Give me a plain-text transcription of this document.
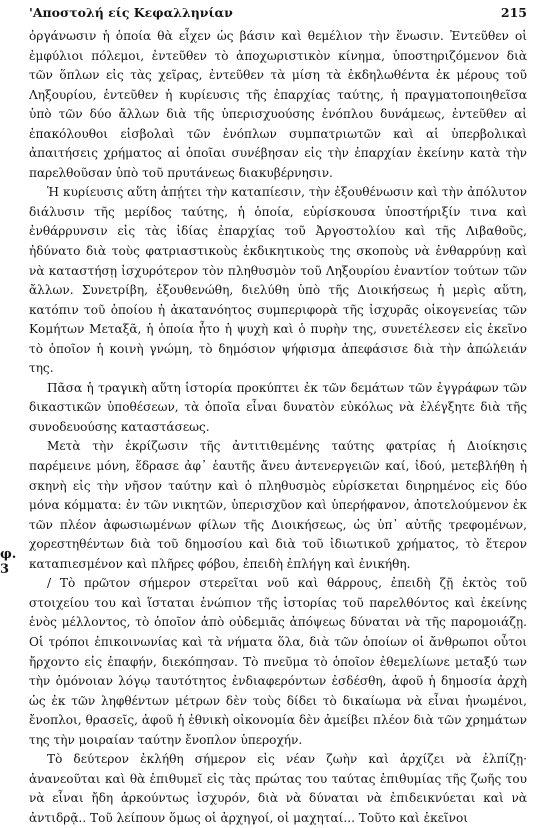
'Αποστολή είς Κεφαλληνίαν	215
φ. 3

ὀργάνωσιν ἡ ὁποία θὰ εἶχεν ὡς βάσιν καὶ θεμέλιον τὴν ἕνωσιν. Ἐντεῦθεν οἱ ἐμφύλιοι πόλεμοι, ἐντεῦθεν τὸ ἀποχωριστικὸν κίνημα, ὑποστηριζόμενον διὰ τῶν ὅπλων εἰς τὰς χεῖρας, ἐντεῦθεν τὰ μίση τὰ ἐκδηλωθέντα ἐκ μέρους τοῦ Ληξουρίου, ἐντεῦθεν ἡ κυρίευσις τῆς ἐπαρχίας ταύτης, ἡ πραγματοποιηθεῖσα ὑπὸ τῶν δύο ἄλλων διὰ τῆς ὑπερισχυούσης ἐνόπλου δυνάμεως, ἐντεῦθεν αἱ ἐπακόλουθοι εἰσβολαὶ τῶν ἐνόπλων συμπατριωτῶν καὶ αἱ ὑπερβολικαὶ ἀπαιτήσεις χρήματος αἱ ὁποῖαι συνέβησαν εἰς τὴν ἐπαρχίαν ἐκείνην κατὰ τὴν παρελθοῦσαν ὑπὸ τοῦ πρυτάνεως διακυβέρνησιν.

Ἡ κυρίευσις αὕτη ἀπῄτει τὴν καταπίεσιν, τὴν ἐξουθένωσιν καὶ τὴν ἀπόλυτον διάλυσιν τῆς μερίδος ταύτης, ἡ ὁποία, εὑρίσκουσα ὑποστήριξίν τινα καὶ ἐνθάρρυνσιν εἰς τὰς ἰδίας ἐπαρχίας τοῦ Ἀργοστολίου καὶ τῆς Λιβαθοῦς, ἠδύνατο διὰ τοὺς φατριαστικοὺς ἐκδικητικοὺς της σκοποὺς νὰ ἐνθαρρύνῃ καὶ νὰ καταστήσῃ ἰσχυρότερον τὸν πληθυσμὸν τοῦ Ληξουρίου ἐναντίον τούτων τῶν ἄλλων. Συνετρίβη, ἐξουθενώθη, διελύθη ὑπὸ τῆς Διοικήσεως ἡ μερὶς αὕτη, κατόπιν τοῦ ὁποίου ἡ ἀκατανόητος συμπεριφορὰ τῆς ἰσχυρᾶς οἰκογενείας τῶν Κομήτων Μεταξᾶ, ἡ ὁποία ἦτο ἡ ψυχὴ καὶ ὁ πυρὴν της, συνετέλεσεν εἰς ἐκεῖνο τὸ ὁποῖον ἡ κοινὴ γνώμη, τὸ δημόσιον ψήφισμα ἀπεφάσισε διὰ τὴν ἀπώλειάν της.

Πᾶσα ἡ τραγικὴ αὕτη ἱστορία προκύπτει ἐκ τῶν δεμάτων τῶν ἐγγράφων τῶν δικαστικῶν ὑποθέσεων, τὰ ὁποῖα εἶναι δυνατὸν εὐκόλως νὰ ἐλέγξητε διὰ τῆς συνοδευούσης καταστάσεως.

Μετὰ τὴν ἐκρίζωσιν τῆς ἀντιτιθεμένης ταύτης φατρίας ἡ Διοίκησις παρέμεινε μόνη, ἕδρασε ἀφ᾽ ἑαυτῆς ἄνευ ἀντενεργειῶν καί, ἰδού, μετεβλήθη ἡ σκηνὴ εἰς τὴν νῆσον ταύτην καὶ ὁ πληθυσμὸς εὑρίσκεται διηρημένος εἰς δύο μόνα κόμματα: ἐν τῶν νικητῶν, ὑπερισχῦον καὶ ὑπερήφανον, ἀποτελούμενον ἐκ τῶν πλέον ἀφωσιωμένων φίλων τῆς Διοικήσεως, ὡς ὑπ᾽ αὐτῆς τρεφομένων, χορεστηθέντων διὰ τοῦ δημοσίου καὶ διὰ τοῦ ἰδιωτικοῦ χρήματος, τὸ ἕτερον καταπιεσμένον καὶ πλῆρες φόβου, ἐπειδὴ ἐπλήγη καὶ ἐνικήθη.

/ Τὸ πρῶτον σήμερον στερεῖται νοῦ καὶ θάρρους, ἐπειδὴ ζῇ ἐκτὸς τοῦ στοιχείου του καὶ ἵσταται ἐνώπιον τῆς ἱστορίας τοῦ παρελθόντος καὶ ἐκείνης ἑνὸς μέλλοντος, τὸ ὁποῖον ἀπὸ οὐδεμιᾶς ἀπόψεως δύναται νὰ τῆς παρομοιάζῃ. Οἱ τρόποι ἐπικοινωνίας καὶ τὰ νήματα ὅλα, διὰ τῶν ὁποίων οἱ ἄνθρωποι οὗτοι ἤρχοντο εἰς ἐπαφήν, διεκόπησαν. Τὸ πνεῦμα τὸ ὁποῖον ἐθεμελίωνε μεταξύ των τὴν ὁμόνοιαν λόγῳ ταυτότητος ἐνδιαφερόντων ἐσδέσθη, ἀφοῦ ἡ δημοσία ἀρχὴ ὡς ἐκ τῶν ληφθέντων μέτρων δὲν τοὺς δίδει τὸ δικαίωμα νὰ εἶναι ἠνωμένοι, ἔνοπλοι, θρασεῖς, ἀφοῦ ἡ ἐθνικὴ οἰκονομία δὲν ἀμείβει πλέον διὰ τῶν χρημάτων της τὴν μοιραίαν ταύτην ἔνοπλον ὑπεροχήν.

Τὸ δεύτερον ἐκλήθη σήμερον εἰς νέαν ζωὴν καὶ ἀρχίζει νὰ ἐλπίζῃ· ἀνανεοῦται καὶ θὰ ἐπιθυμεῖ εἰς τὰς πρώτας του ταύτας ἐπιθυμίας τῆς ζωῆς του νὰ εἶναι ἤδη ἀρκούντως ἰσχυρόν, διὰ νὰ δύναται νὰ ἐπιδεικνύεται καὶ νὰ ἀντιδρᾷ.. Τοῦ λείπουν ὅμως οἱ ἀρχηγοί, οἱ μαχηταί... Τοῦτο καὶ ἐκεῖνοι
